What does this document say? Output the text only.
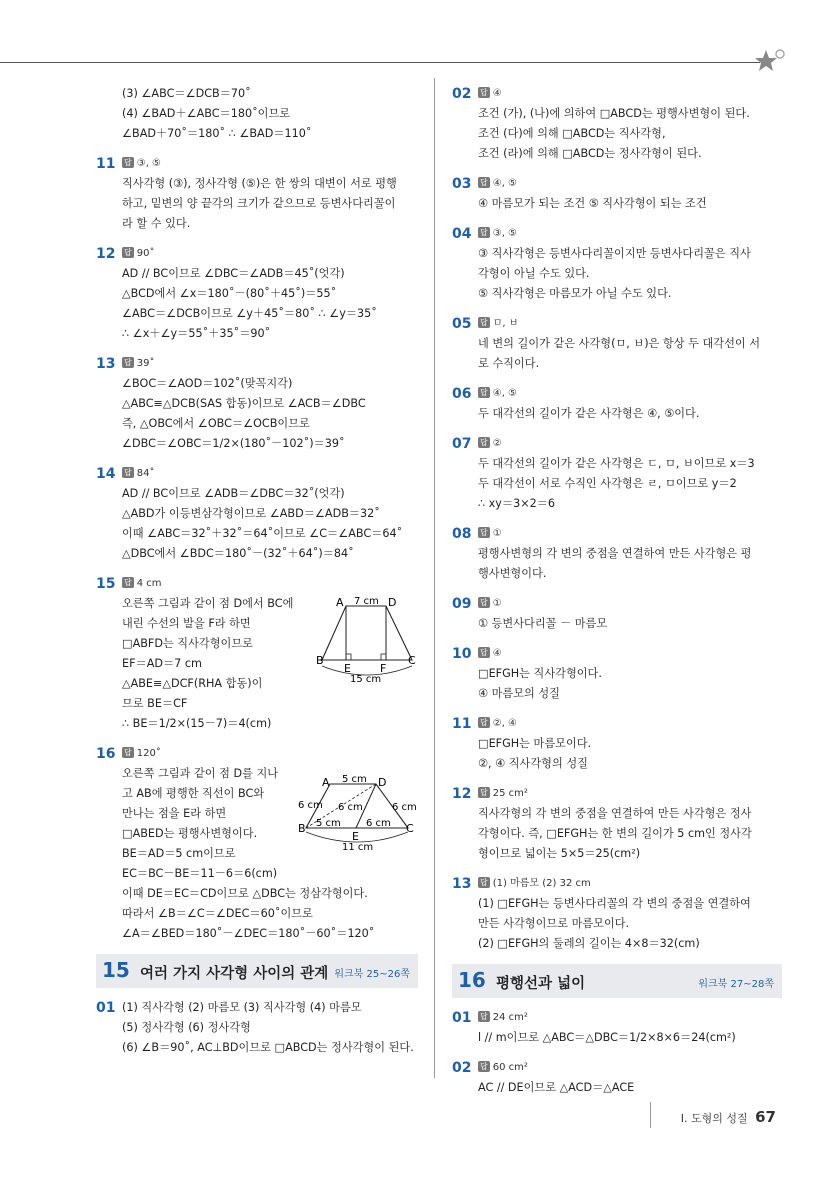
(3) ∠ABC＝∠DCB＝70˚
(4) ∠BAD＋∠ABC＝180˚이므로
∠BAD＋70˚＝180˚ ∴ ∠BAD＝110˚
11 답 ③, ⑤
직사각형 (③), 정사각형 (⑤)은 한 쌍의 대변이 서로 평행
하고, 밑변의 양 끝각의 크기가 같으므로 등변사다리꼴이
라 할 수 있다.
12 답 90˚
AD // BC이므로 ∠DBC＝∠ADB＝45˚(엇각)
△BCD에서 ∠x＝180˚－(80˚＋45˚)＝55˚
∠ABC＝∠DCB이므로 ∠y＋45˚＝80˚ ∴ ∠y＝35˚
∴ ∠x＋∠y＝55˚＋35˚＝90˚
13 답 39˚
∠BOC＝∠AOD＝102˚(맞꼭지각)
△ABC≡△DCB(SAS 합동)이므로 ∠ACB＝∠DBC
즉, △OBC에서 ∠OBC＝∠OCB이므로
∠DBC＝∠OBC＝1/2×(180˚－102˚)＝39˚
14 답 84˚
AD // BC이므로 ∠ADB＝∠DBC＝32˚(엇각)
△ABD가 이등변삼각형이므로 ∠ABD＝∠ADB＝32˚
이때 ∠ABC＝32˚＋32˚＝64˚이므로 ∠C＝∠ABC＝64˚
△DBC에서 ∠BDC＝180˚－(32˚＋64˚)＝84˚
15 답 4 cm
오른쪽 그림과 같이 점 D에서 BC에
내린 수선의 발을 F라 하면
□ABFD는 직사각형이므로
EF＝AD＝7 cm
△ABE≡△DCF(RHA 합동)이
므로 BE＝CF
∴ BE＝1/2×(15－7)＝4(cm)
16 답 120˚
오른쪽 그림과 같이 점 D를 지나
고 AB에 평행한 직선이 BC와
만나는 점을 E라 하면
□ABED는 평행사변형이다.
BE＝AD＝5 cm이므로
EC＝BC－BE＝11－6＝6(cm)
이때 DE＝EC＝CD이므로 △DBC는 정삼각형이다.
따라서 ∠B＝∠C＝∠DEC＝60˚이므로
∠A＝∠BED＝180˚－∠DEC＝180˚－60˚＝120˚
15 여러 가지 사각형 사이의 관계 워크북 25~26쪽
01 (1) 직사각형 (2) 마름모 (3) 직사각형 (4) 마름모
(5) 정사각형 (6) 정사각형
(6) ∠B＝90˚, AC⊥BD이므로 □ABCD는 정사각형이 된다.
02 답 ④
조건 (가), (나)에 의하여 □ABCD는 평행사변형이 된다.
조건 (다)에 의해 □ABCD는 직사각형,
조건 (라)에 의해 □ABCD는 정사각형이 된다.
03 답 ④, ⑤
④ 마름모가 되는 조건 ⑤ 직사각형이 되는 조건
04 답 ③, ⑤
③ 직사각형은 등변사다리꼴이지만 등변사다리꼴은 직사
각형이 아닐 수도 있다.
⑤ 직사각형은 마름모가 아닐 수도 있다.
05 답 ㅁ, ㅂ
네 변의 길이가 같은 사각형(ㅁ, ㅂ)은 항상 두 대각선이 서
로 수직이다.
06 답 ④, ⑤
두 대각선의 길이가 같은 사각형은 ④, ⑤이다.
07 답 ②
두 대각선의 길이가 같은 사각형은 ㄷ, ㅁ, ㅂ이므로 x＝3
두 대각선이 서로 수직인 사각형은 ㄹ, ㅁ이므로 y＝2
∴ xy＝3×2＝6
08 답 ①
평행사변형의 각 변의 중점을 연결하여 만든 사각형은 평
행사변형이다.
09 답 ①
① 등변사다리꼴 － 마름모
10 답 ④
□EFGH는 직사각형이다.
④ 마름모의 성질
11 답 ②, ④
□EFGH는 마름모이다.
②, ④ 직사각형의 성질
12 답 25 cm²
직사각형의 각 변의 중점을 연결하여 만든 사각형은 정사
각형이다. 즉, □EFGH는 한 변의 길이가 5 cm인 정사각
형이므로 넓이는 5×5＝25(cm²)
13 답 (1) 마름모 (2) 32 cm
(1) □EFGH는 등변사다리꼴의 각 변의 중점을 연결하여
만든 사각형이므로 마름모이다.
(2) □EFGH의 둘레의 길이는 4×8＝32(cm)
16 평행선과 넓이	워크북 27~28쪽
01 답 24 cm²
l // m이므로 △ABC＝△DBC＝1/2×8×6＝24(cm²)
02 답 60 cm²
AC // DE이므로 △ACD＝△ACE
A	D
B	C
E	F
7 cm
15 cm
A	D
B
E
C
5 cm
6 cm 6 cm	6 cm
5 cm	6 cm
11 cm
Ⅰ. 도형의 성질 67
